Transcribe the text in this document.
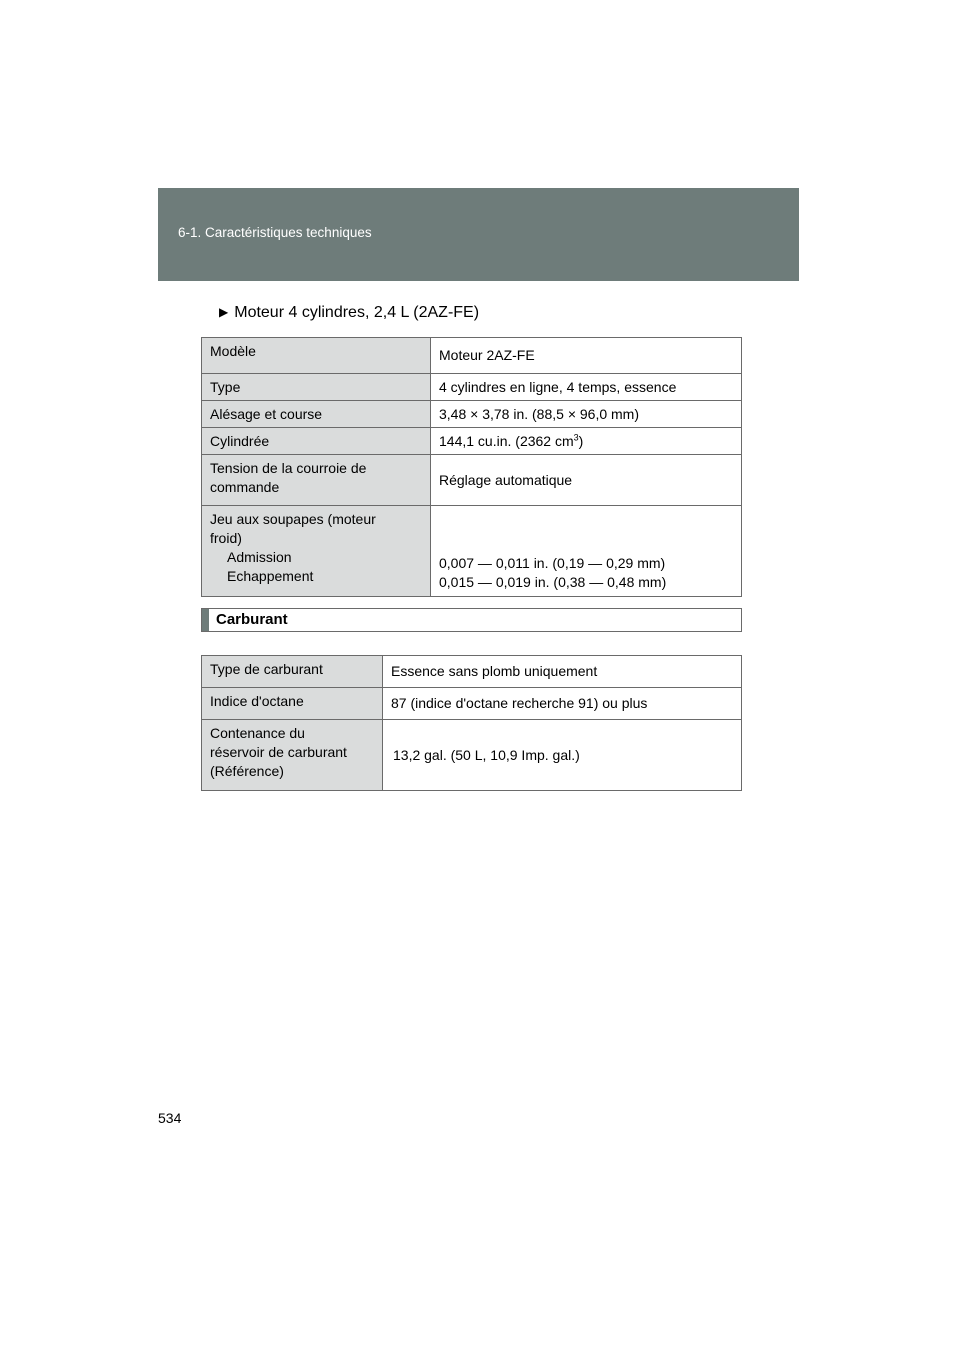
6-1. Caractéristiques techniques
▶ Moteur 4 cylindres, 2,4 L (2AZ-FE)
Modèle	Moteur 2AZ-FE
Type	4 cylindres en ligne, 4 temps, essence
Alésage et course	3,48 × 3,78 in. (88,5 × 96,0 mm)
Cylindrée	144,1 cu.in. (2362 $cm^3$)
Tension de la courroie de
commande	Réglage automatique
Jeu aux soupapes (moteur
froid)
Admission
Echappement	0,007 — 0,011 in. (0,19 — 0,29 mm)
0,015 — 0,019 in. (0,38 — 0,48 mm)
Carburant
Type de carburant	Essence sans plomb uniquement
Indice d'octane	87 (indice d'octane recherche 91) ou plus
Contenance du
réservoir de carburant
(Référence)	13,2 gal. (50 L, 10,9 Imp. gal.)
534
